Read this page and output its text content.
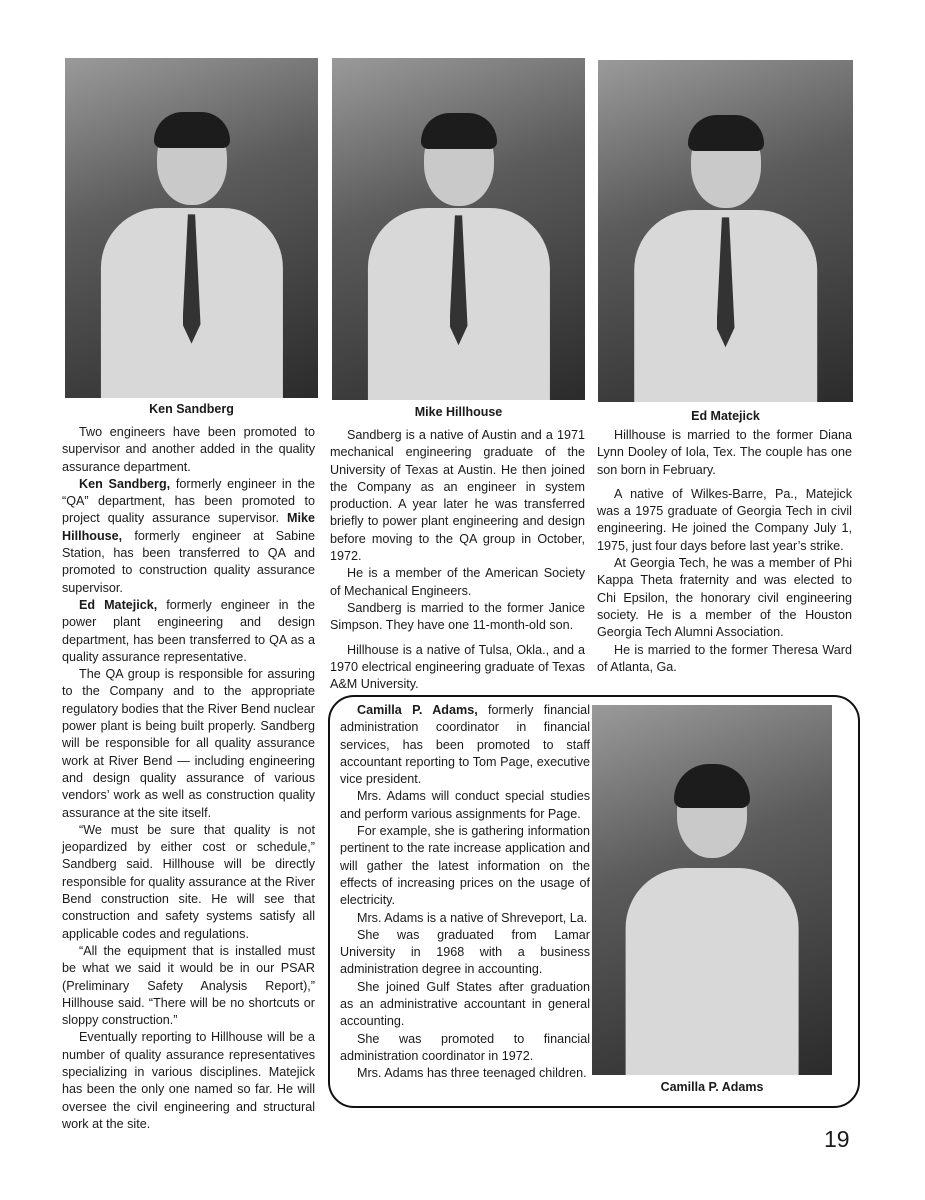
Ken Sandberg	Mike Hillhouse	Ed Matejick

Two engineers have been promoted to supervisor and another added in the quality assurance department.

Ken Sandberg, formerly engineer in the “QA” department, has been promoted to project quality assurance supervisor. Mike Hillhouse, formerly engineer at Sabine Station, has been transferred to QA and promoted to construction quality assurance supervisor.

Ed Matejick, formerly engineer in the power plant engineering and design department, has been transferred to QA as a quality assurance representative.

The QA group is responsible for assuring to the Company and to the appropriate regulatory bodies that the River Bend nuclear power plant is being built properly. Sandberg will be responsible for all quality assurance work at River Bend — including engineering and design quality assurance of various vendors’ work as well as construction quality assurance at the site itself.

“We must be sure that quality is not jeopardized by either cost or schedule,” Sandberg said. Hillhouse will be directly responsible for quality assurance at the River Bend construction site. He will see that construction and safety systems satisfy all applicable codes and regulations.

“All the equipment that is installed must be what we said it would be in our PSAR (Preliminary Safety Analysis Report),” Hillhouse said. “There will be no shortcuts or sloppy construction.”

Eventually reporting to Hillhouse will be a number of quality assurance representatives specializing in various disciplines. Matejick has been the only one named so far. He will oversee the civil engineering and structural work at the site.

Sandberg is a native of Austin and a 1971 mechanical engineering graduate of the University of Texas at Austin. He then joined the Company as an engineer in system production. A year later he was transferred briefly to power plant engineering and design before moving to the QA group in October, 1972.

He is a member of the American Society of Mechanical Engineers.

Sandberg is married to the former Janice Simpson. They have one 11-month-old son.

Hillhouse is a native of Tulsa, Okla., and a 1970 electrical engineering graduate of Texas A&M University.

Hillhouse is married to the former Diana Lynn Dooley of Iola, Tex. The couple has one son born in February.

A native of Wilkes-Barre, Pa., Matejick was a 1975 graduate of Georgia Tech in civil engineering. He joined the Company July 1, 1975, just four days before last year’s strike.

At Georgia Tech, he was a member of Phi Kappa Theta fraternity and was elected to Chi Epsilon, the honorary civil engineering society. He is a member of the Houston Georgia Tech Alumni Association.

He is married to the former Theresa Ward of Atlanta, Ga.

Camilla P. Adams, formerly financial administration coordinator in financial services, has been promoted to staff accountant reporting to Tom Page, executive vice president.

Mrs. Adams will conduct special studies and perform various assignments for Page.

For example, she is gathering information pertinent to the rate increase application and will gather the latest information on the effects of increasing prices on the usage of electricity.

Mrs. Adams is a native of Shreveport, La.

She was graduated from Lamar University in 1968 with a business administration degree in accounting.

She joined Gulf States after graduation as an administrative accountant in general accounting.

She was promoted to financial administration coordinator in 1972.

Mrs. Adams has three teenaged children.

Camilla P. Adams
19
